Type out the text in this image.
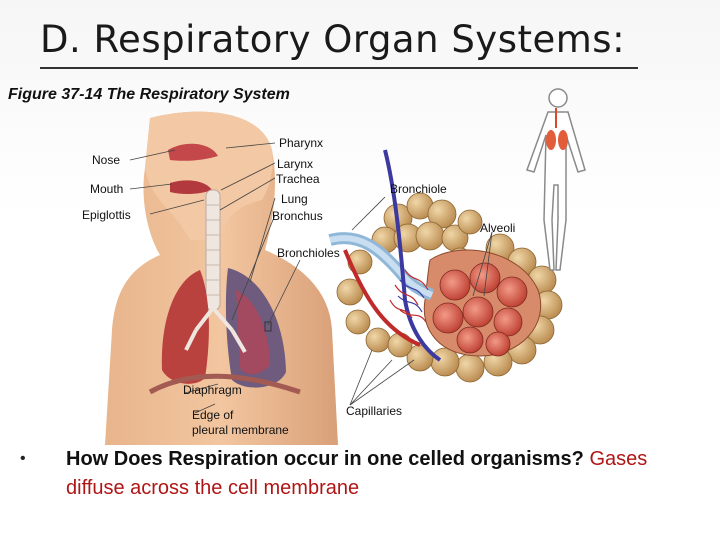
D. Respiratory Organ Systems:
Figure 37-14 The Respiratory System
Nose
Mouth
Epiglottis
Pharynx
Larynx
Trachea
Lung
Bronchus
Bronchiole
Alveoli
Bronchioles
Diaphragm
Edge of
pleural membrane
Capillaries
• How Does Respiration occur in one celled organisms? Gases diffuse across the cell membrane
